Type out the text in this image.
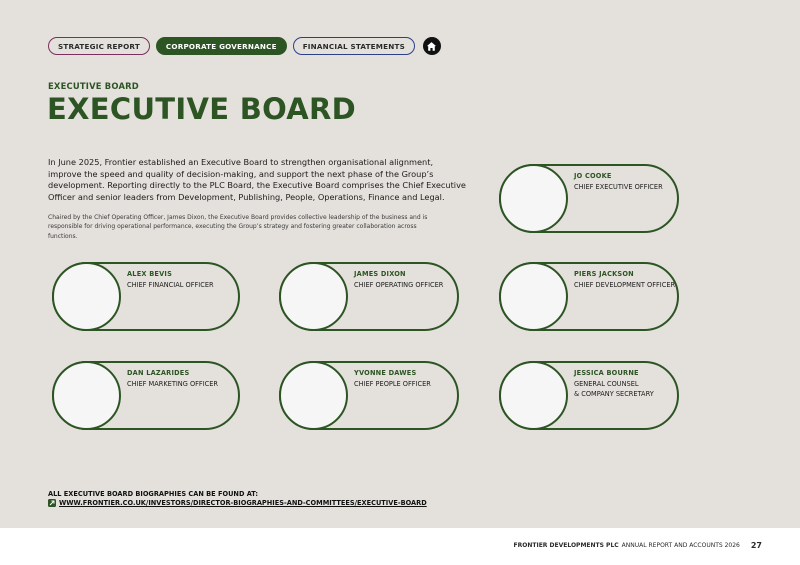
STRATEGIC REPORT	CORPORATE GOVERNANCE	FINANCIAL STATEMENTS
EXECUTIVE BOARD
EXECUTIVE BOARD

In June 2025, Frontier established an Executive Board to strengthen organisational alignment, improve the speed and quality of decision-making, and support the next phase of the Group’s development. Reporting directly to the PLC Board, the Executive Board comprises the Chief Executive Officer and senior leaders from Development, Publishing, People, Operations, Finance and Legal.

Chaired by the Chief Operating Officer, James Dixon, the Executive Board provides collective leadership of the business and is responsible for driving operational performance, executing the Group’s strategy and fostering greater collaboration across functions.

JO COOKE
CHIEF EXECUTIVE OFFICER
ALEX BEVIS
CHIEF FINANCIAL OFFICER
JAMES DIXON
CHIEF OPERATING OFFICER
PIERS JACKSON
CHIEF DEVELOPMENT OFFICER
DAN LAZARIDES
CHIEF MARKETING OFFICER
YVONNE DAWES
CHIEF PEOPLE OFFICER
JESSICA BOURNE
GENERAL COUNSEL
& COMPANY SECRETARY
ALL EXECUTIVE BOARD BIOGRAPHIES CAN BE FOUND AT:
WWW.FRONTIER.CO.UK/INVESTORS/DIRECTOR-BIOGRAPHIES-AND-COMMITTEES/EXECUTIVE-BOARD
FRONTIER DEVELOPMENTS PLC ANNUAL REPORT AND ACCOUNTS 2026 27
